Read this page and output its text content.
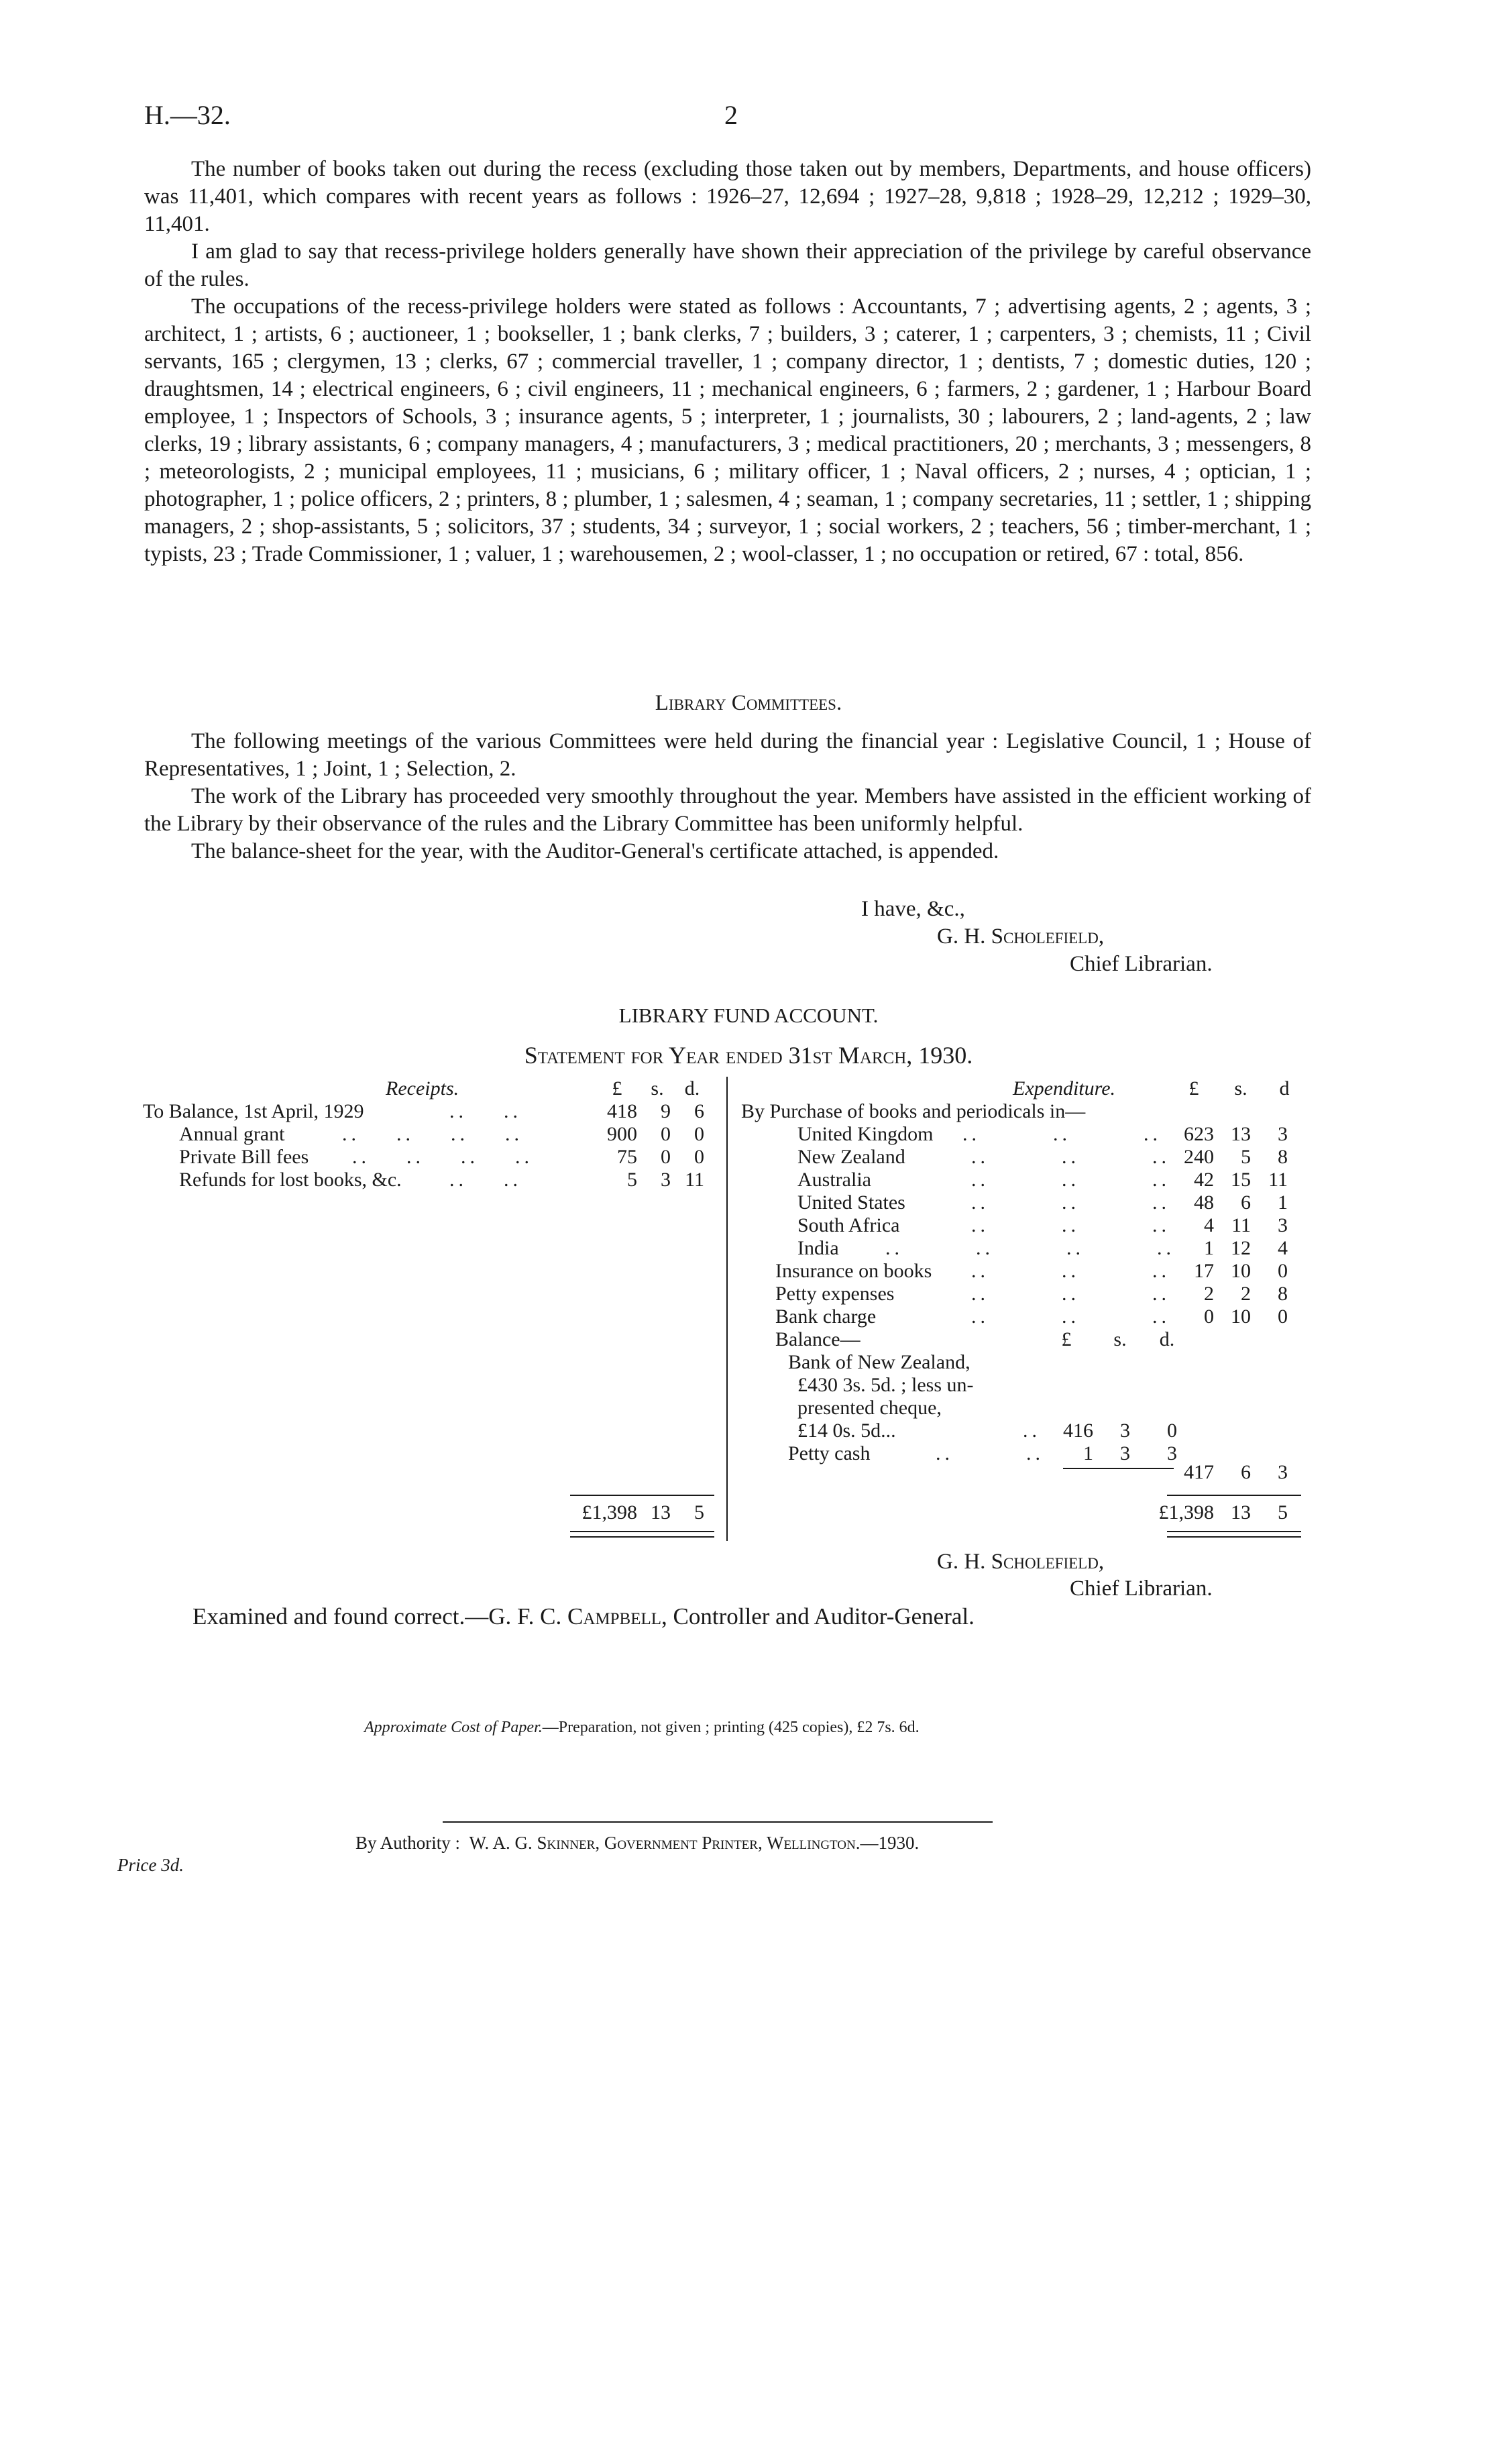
H.—32.	2

The number of books taken out during the recess (excluding those taken out by members, Departments, and house officers) was 11,401, which compares with recent years as follows : 1926–27, 12,694 ; 1927–28, 9,818 ; 1928–29, 12,212 ; 1929–30, 11,401.

I am glad to say that recess-privilege holders generally have shown their appreciation of the privilege by careful observance of the rules.

The occupations of the recess-privilege holders were stated as follows : Accountants, 7 ; advertising agents, 2 ; agents, 3 ; architect, 1 ; artists, 6 ; auctioneer, 1 ; bookseller, 1 ; bank clerks, 7 ; builders, 3 ; caterer, 1 ; carpenters, 3 ; chemists, 11 ; Civil servants, 165 ; clergymen, 13 ; clerks, 67 ; commercial traveller, 1 ; company director, 1 ; dentists, 7 ; domestic duties, 120 ; draughtsmen, 14 ; electrical engineers, 6 ; civil engineers, 11 ; mechanical engineers, 6 ; farmers, 2 ; gardener, 1 ; Harbour Board employee, 1 ; Inspectors of Schools, 3 ; insurance agents, 5 ; interpreter, 1 ; journalists, 30 ; labourers, 2 ; land-agents, 2 ; law clerks, 19 ; library assistants, 6 ; company managers, 4 ; manufacturers, 3 ; medical practitioners, 20 ; merchants, 3 ; messengers, 8 ; meteorologists, 2 ; municipal employees, 11 ; musicians, 6 ; military officer, 1 ; Naval officers, 2 ; nurses, 4 ; optician, 1 ; photographer, 1 ; police officers, 2 ; printers, 8 ; plumber, 1 ; salesmen, 4 ; seaman, 1 ; company secretaries, 11 ; settler, 1 ; shipping managers, 2 ; shop-assistants, 5 ; solicitors, 37 ; students, 34 ; surveyor, 1 ; social workers, 2 ; teachers, 56 ; timber-merchant, 1 ; typists, 23 ; Trade Commissioner, 1 ; valuer, 1 ; warehousemen, 2 ; wool-classer, 1 ; no occupation or retired, 67 : total, 856.

Library Committees.

The following meetings of the various Committees were held during the financial year : Legislative Council, 1 ; House of Representatives, 1 ; Joint, 1 ; Selection, 2.

The work of the Library has proceeded very smoothly throughout the year. Members have assisted in the efficient working of the Library by their observance of the rules and the Library Committee has been uniformly helpful.

The balance-sheet for the year, with the Auditor-General's certificate attached, is appended.

I have, &c.,
G. H. Scholefield,
Chief Librarian.
LIBRARY FUND ACCOUNT.
Statement for Year ended 31st March, 1930.
Receipts.	£ s. d.
To Balance, 1st April, 1929	..    ..	418	9	6
Annual grant	..    ..    ..    ..	900	0	0
Private Bill fees ..    ..    ..    ..	75	0	0
Refunds for lost books, &c. ..    ..	5	3 11
£1,398 13	5
Expenditure.	£ s. d
By Purchase of books and periodicals in—
United Kingdom ..        ..        ..	623 13	3
New Zealand	..        ..        .. 240	5	8
Australia	..        ..        ..	42 15 11
United States	..        ..        ..	48	6	1
South Africa	..        ..        ..	4 11	3
India ..        ..        ..        ..	1 12	4
Insurance on books ..        ..        ..	17 10	0
Petty expenses	..        ..        ..	2	2	8
Bank charge	..        ..        ..	0 10	0
Balance—	£	s.	d.
Bank of New Zealand,
£430 3s. 5d. ; less un-
presented cheque,
£14 0s. 5d...	..	416	3	0
Petty cash	..        ..	1	3	3
417	6	3
£1,398 13	5
G. H. Scholefield,
Chief Librarian.
Examined and found correct.—G. F. C. Campbell, Controller and Auditor-General.
Approximate Cost of Paper.—Preparation, not given ; printing (425 copies), £2 7s. 6d.
By Authority : W. A. G. Skinner, Government Printer, Wellington.—1930.
Price 3d.
